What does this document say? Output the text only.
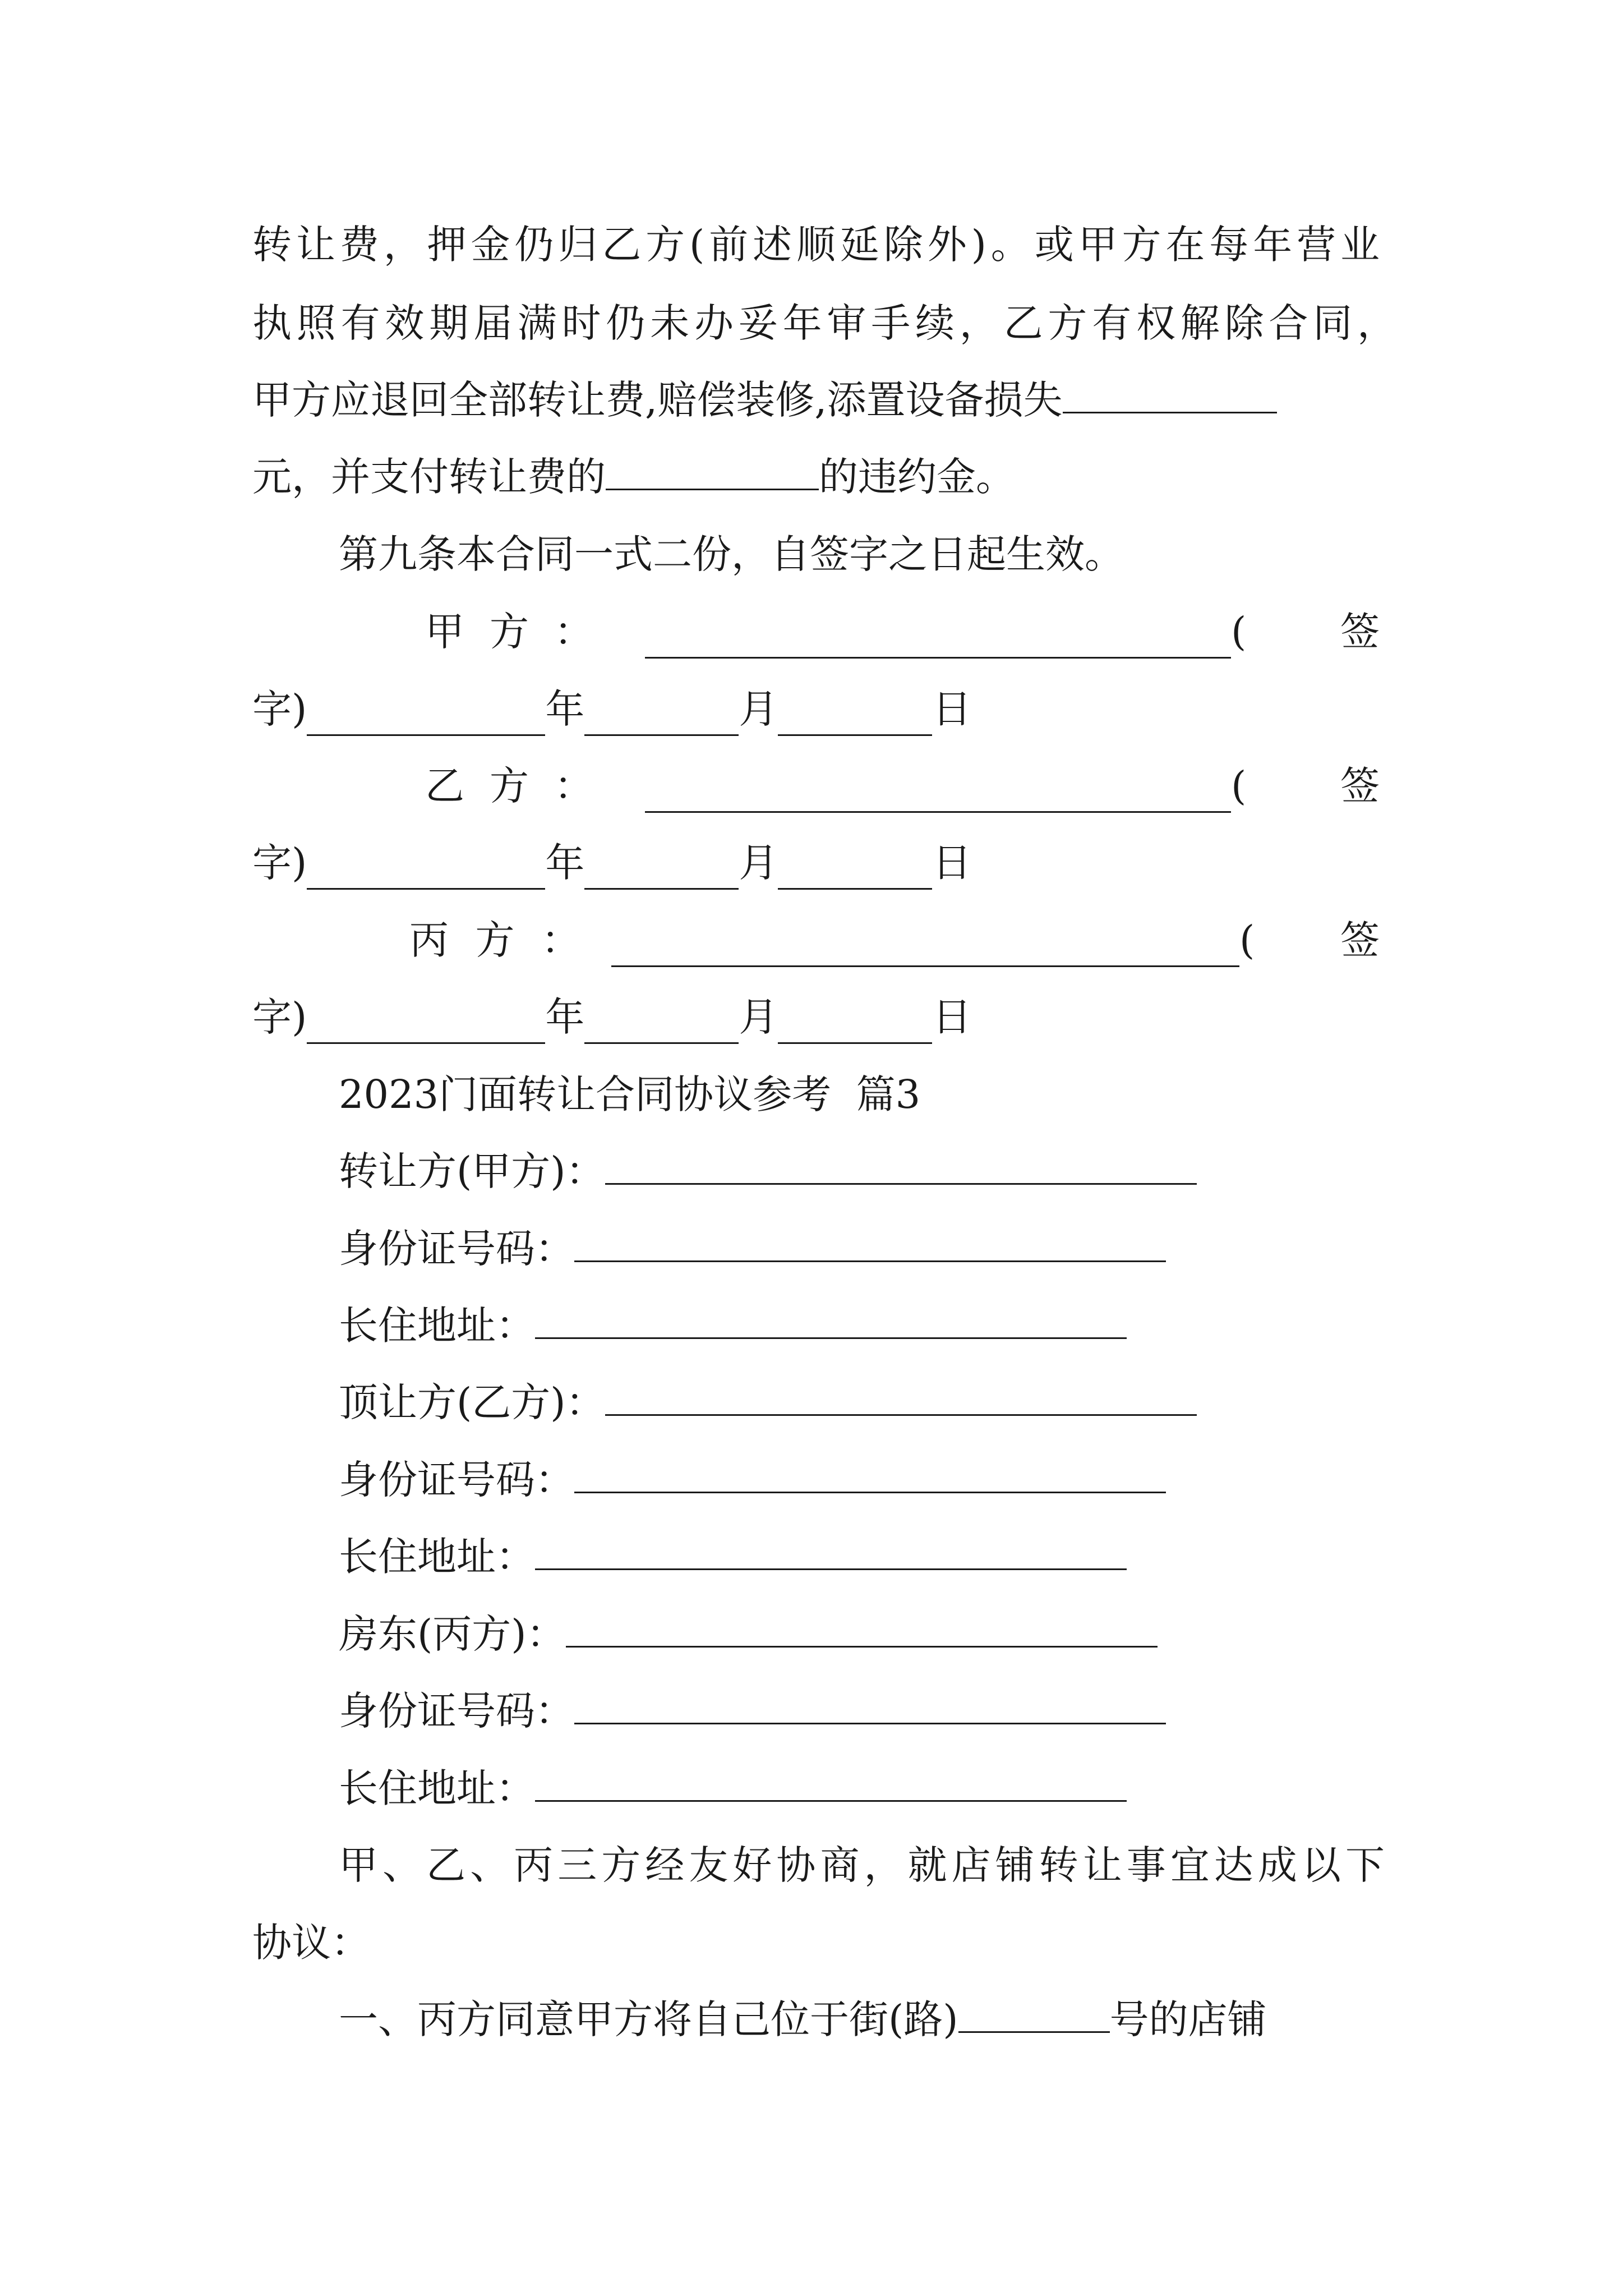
转让费，押金仍归乙方(前述顺延除外)。或甲方在每年营业
执照有效期届满时仍未办妥年审手续，乙方有权解除合同，
甲方应退回全部转让费,赔偿装修,添置设备损失
元，并支付转让费的	的违约金。
第九条本合同一式二份，自签字之日起生效。
甲 方 ：	( 签
字)	年	月	日
乙 方 ：	( 签
字)	年	月	日
丙 方 ：	( 签
字)	年	月	日
2023门面转让合同协议参考  篇3
转让方(甲方)：
身份证号码：
长住地址：
顶让方(乙方)：
身份证号码：
长住地址：
房东(丙方)：
身份证号码：
长住地址：
甲、乙、丙三方经友好协商，就店铺转让事宜达成以下
协议：
一、丙方同意甲方将自己位于街(路)	号的店铺
